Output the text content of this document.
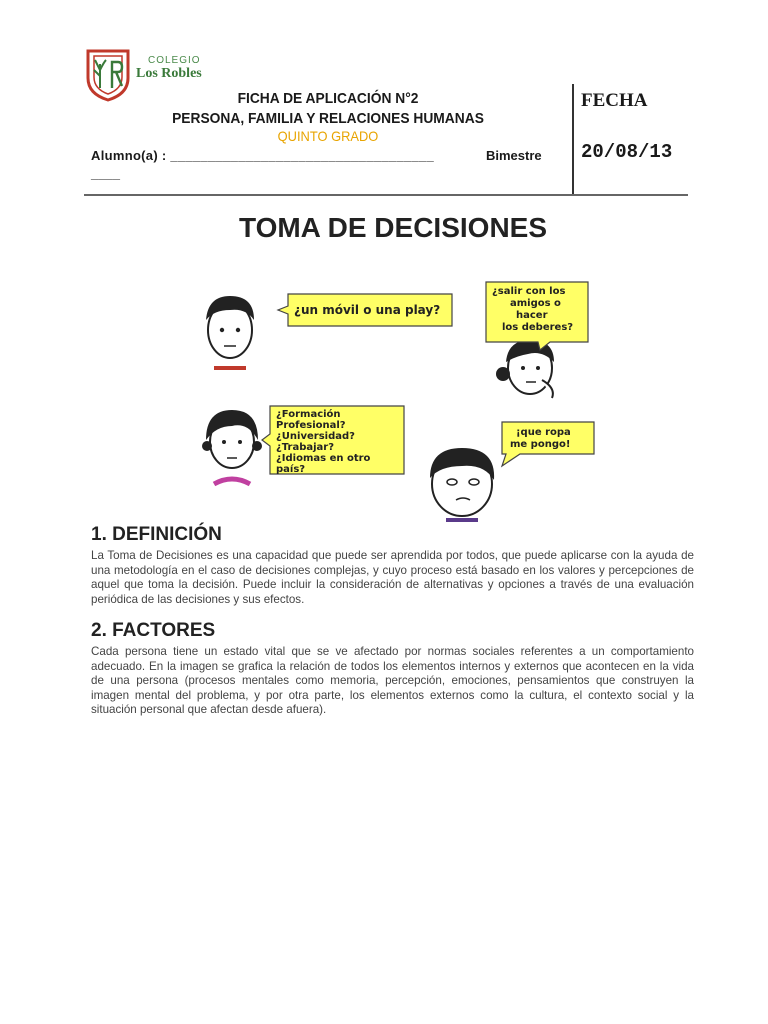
COLEGIO
Los Robles
FICHA DE APLICACIÓN N°2
PERSONA, FAMILIA Y RELACIONES HUMANAS
QUINTO GRADO
Alumno(a) : ___________________________________	Bimestre
____
FECHA
20/08/13
TOMA DE DECISIONES
¿un móvil o una play?
¿salir con los
amigos o
hacer
los deberes?
¿Formación
Profesional?
¿Universidad?
¿Trabajar?
¿Idiomas en otro
país?
¡que ropa
me pongo!
1. DEFINICIÓN
La Toma de Decisiones es una capacidad que puede ser aprendida por todos, que puede aplicarse con la ayuda de una metodología en el caso de decisiones complejas, y cuyo proceso está basado en los valores y percepciones de aquel que toma la decisión. Puede incluir la consideración de alternativas y opciones a través de una evaluación periódica de las decisiones y sus efectos.
2. FACTORES
Cada persona tiene un estado vital que se ve afectado por normas sociales referentes a un comportamiento adecuado. En la imagen se grafica la relación de todos los elementos internos y externos que acontecen en la vida de una persona (procesos mentales como memoria, percepción, emociones, pensamientos que construyen la imagen mental del problema, y por otra parte, los elementos externos como la cultura, el contexto social y la situación personal que afectan desde afuera).
